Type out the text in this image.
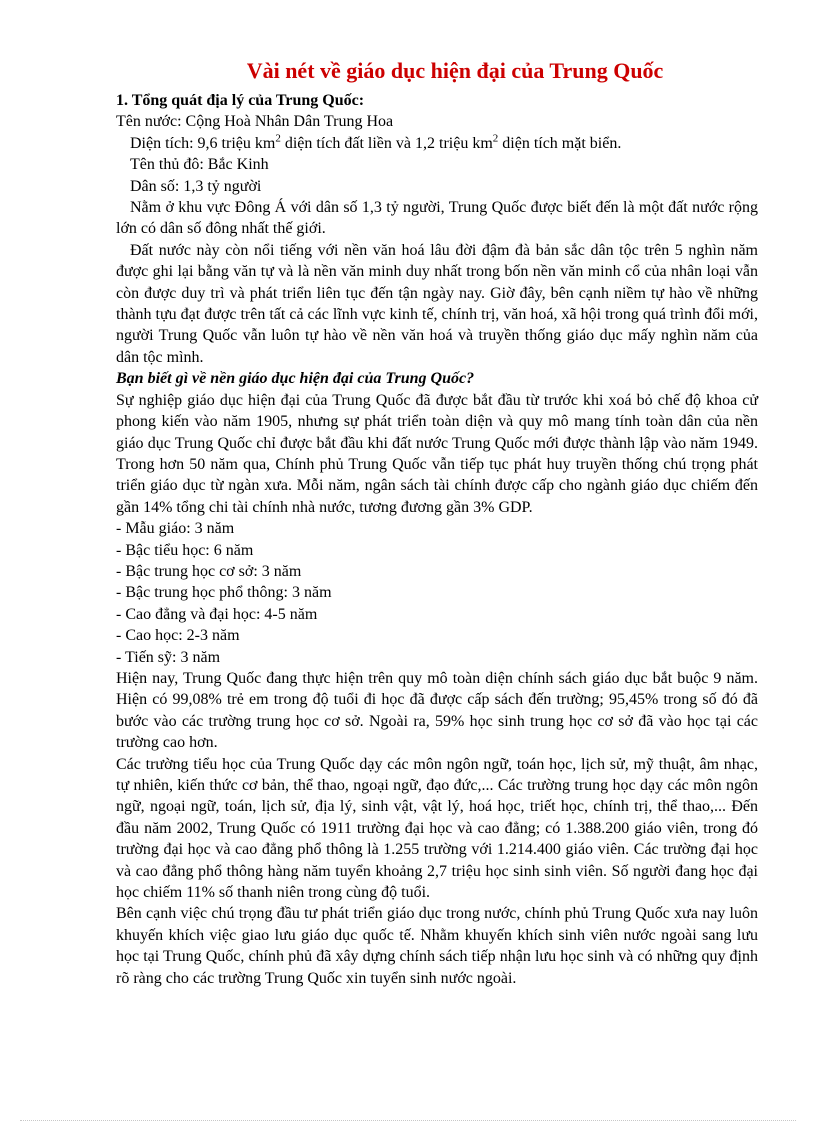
Vài nét về giáo dục hiện đại của Trung Quốc

1. Tổng quát địa lý của Trung Quốc:

Tên nước: Cộng Hoà Nhân Dân Trung Hoa

Diện tích: 9,6 triệu $km^2$ diện tích đất liền và 1,2 triệu $km^2$ diện tích mặt biển.

Tên thủ đô: Bắc Kinh

Dân số: 1,3 tỷ người

Nằm ở khu vực Đông Á với dân số 1,3 tỷ người, Trung Quốc được biết đến là một đất nước rộng lớn có dân số đông nhất thế giới.

Đất nước này còn nổi tiếng với nền văn hoá lâu đời đậm đà bản sắc dân tộc trên 5 nghìn năm được ghi lại bằng văn tự và là nền văn minh duy nhất trong bốn nền văn minh cổ của nhân loại vẫn còn được duy trì và phát triển liên tục đến tận ngày nay. Giờ đây, bên cạnh niềm tự hào về những thành tựu đạt được trên tất cả các lĩnh vực kinh tế, chính trị, văn hoá, xã hội trong quá trình đổi mới, người Trung Quốc vẫn luôn tự hào về nền văn hoá và truyền thống giáo dục mấy nghìn năm của dân tộc mình.

Bạn biết gì về nền giáo dục hiện đại của Trung Quốc?

Sự nghiệp giáo dục hiện đại của Trung Quốc đã được bắt đầu từ trước khi xoá bỏ chế độ khoa cử phong kiến vào năm 1905, nhưng sự phát triển toàn diện và quy mô mang tính toàn dân của nền giáo dục Trung Quốc chỉ được bắt đầu khi đất nước Trung Quốc mới được thành lập vào năm 1949. Trong hơn 50 năm qua, Chính phủ Trung Quốc vẫn tiếp tục phát huy truyền thống chú trọng phát triển giáo dục từ ngàn xưa. Mỗi năm, ngân sách tài chính được cấp cho ngành giáo dục chiếm đến gần 14% tổng chi tài chính nhà nước, tương đương gần 3% GDP.

- Mẫu giáo: 3 năm
- Bậc tiểu học: 6 năm
- Bậc trung học cơ sở: 3 năm
- Bậc trung học phổ thông: 3 năm
- Cao đẳng và đại học: 4-5 năm
- Cao học: 2-3 năm
- Tiến sỹ: 3 năm

Hiện nay, Trung Quốc đang thực hiện trên quy mô toàn diện chính sách giáo dục bắt buộc 9 năm. Hiện có 99,08% trẻ em trong độ tuổi đi học đã được cấp sách đến trường; 95,45% trong số đó đã bước vào các trường trung học cơ sở. Ngoài ra, 59% học sinh trung học cơ sở đã vào học tại các trường cao hơn.

Các trường tiểu học của Trung Quốc dạy các môn ngôn ngữ, toán học, lịch sử, mỹ thuật, âm nhạc, tự nhiên, kiến thức cơ bản, thể thao, ngoại ngữ, đạo đức,... Các trường trung học dạy các môn ngôn ngữ, ngoại ngữ, toán, lịch sử, địa lý, sinh vật, vật lý, hoá học, triết học, chính trị, thể thao,... Đến đầu năm 2002, Trung Quốc có 1911 trường đại học và cao đẳng; có 1.388.200 giáo viên, trong đó trường đại học và cao đẳng phổ thông là 1.255 trường với 1.214.400 giáo viên. Các trường đại học và cao đẳng phổ thông hàng năm tuyển khoảng 2,7 triệu học sinh sinh viên. Số người đang học đại học chiếm 11% số thanh niên trong cùng độ tuổi.

Bên cạnh việc chú trọng đầu tư phát triển giáo dục trong nước, chính phủ Trung Quốc xưa nay luôn khuyến khích việc giao lưu giáo dục quốc tế. Nhằm khuyến khích sinh viên nước ngoài sang lưu học tại Trung Quốc, chính phủ đã xây dựng chính sách tiếp nhận lưu học sinh và có những quy định rõ ràng cho các trường Trung Quốc xin tuyển sinh nước ngoài.
